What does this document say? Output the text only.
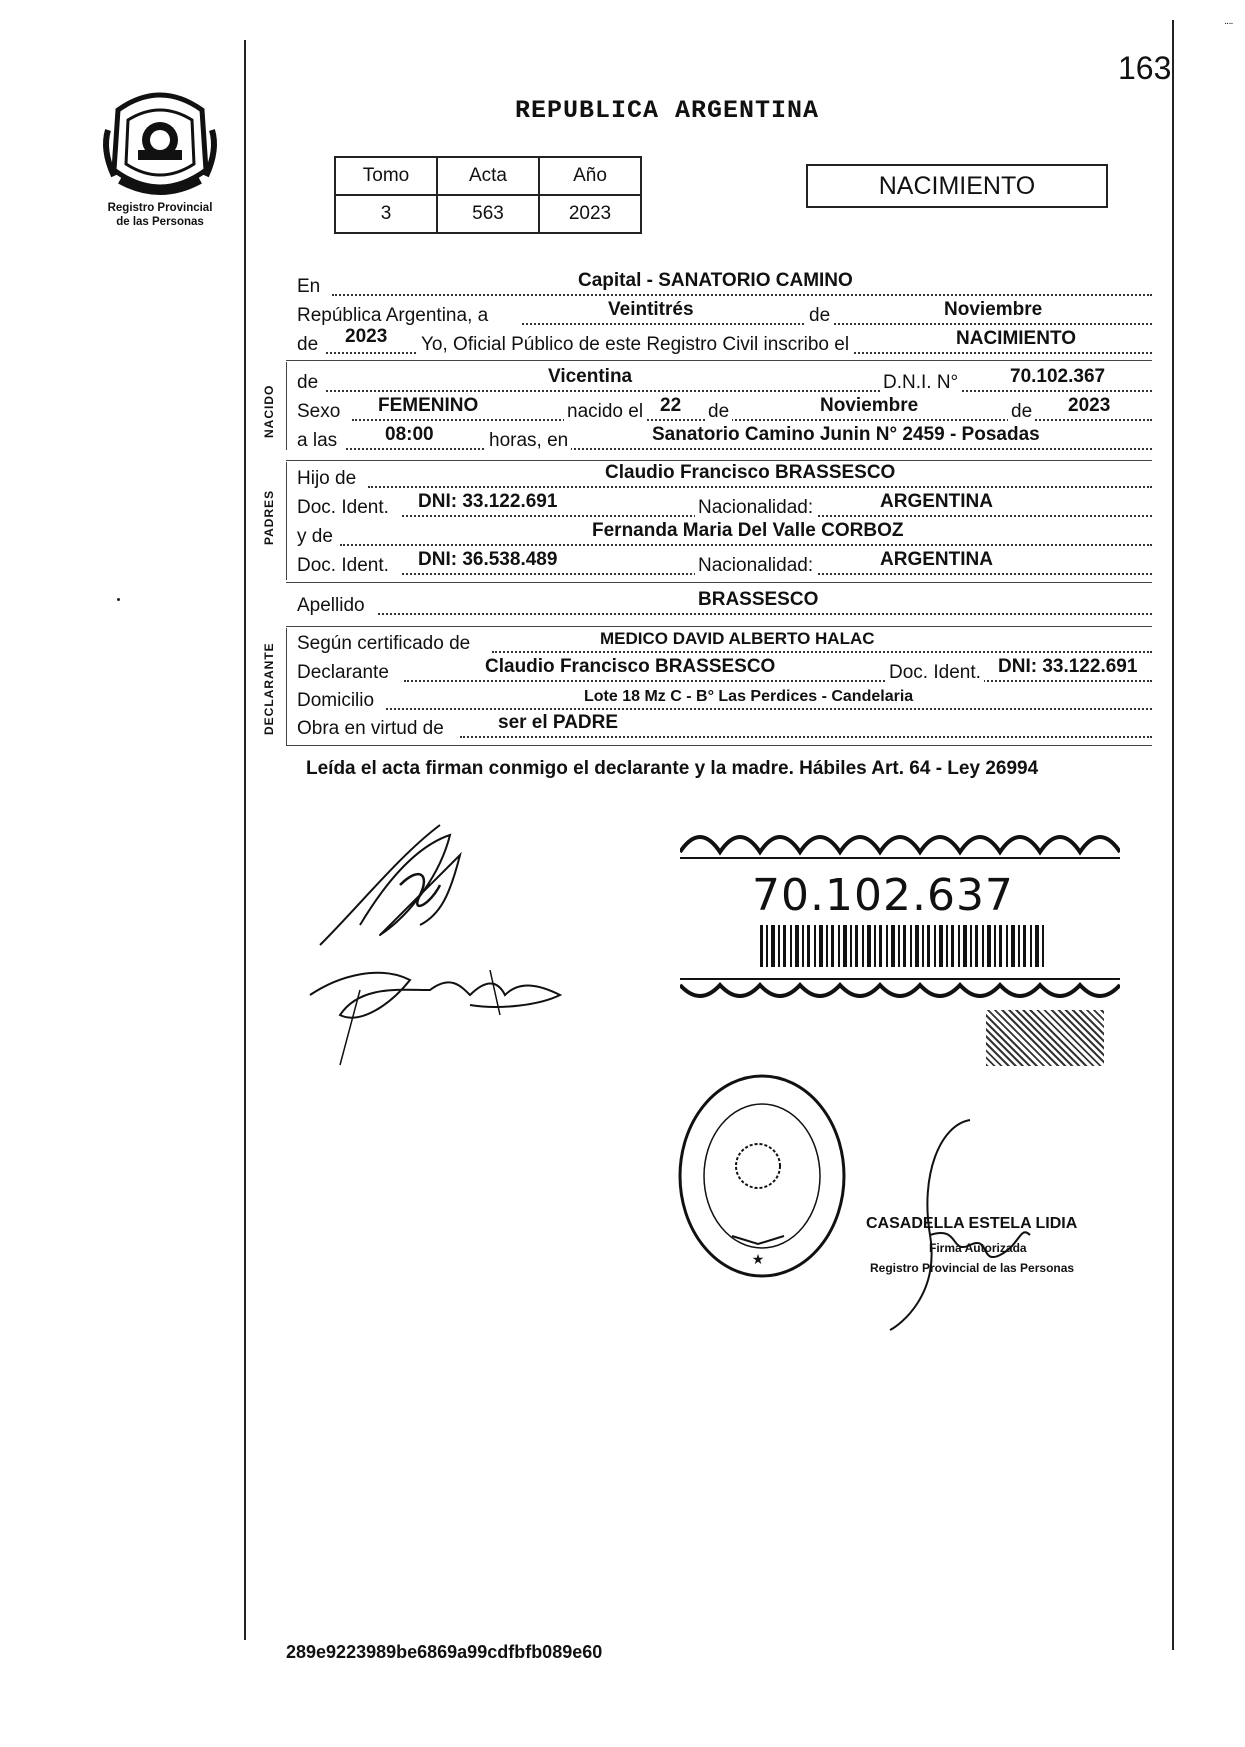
163
⁞
Registro Provincial
de las Personas
REPUBLICA ARGENTINA
Tomo	Acta	Año
3	563	2023
NACIMIENTO
En	Capital - SANATORIO CAMINO
República Argentina, a	Veintitrés	de	Noviembre
de 2023 Yo, Oficial Público de este Registro Civil inscribo el	NACIMIENTO
NACIDO
de	Vicentina	D.N.I. N°	70.102.367
Sexo FEMENINO	nacido el 22 de	Noviembre	de 2023
a las	08:00	horas, en	Sanatorio Camino Junin N° 2459 - Posadas
PADRES
Hijo de	Claudio Francisco BRASSESCO
Doc. Ident. DNI: 33.122.691	Nacionalidad:	ARGENTINA
y de	Fernanda Maria Del Valle CORBOZ
Doc. Ident. DNI: 36.538.489	Nacionalidad:	ARGENTINA
Apellido	BRASSESCO
DECLARANTE Según certificado de	MEDICO DAVID ALBERTO HALAC
Declarante	Claudio Francisco BRASSESCO	Doc. Ident. DNI: 33.122.691
Domicilio	Lote 18 Mz C - B° Las Perdices - Candelaria
Obra en virtud de	ser el PADRE
Leída el acta firman conmigo el declarante y la madre. Hábiles Art. 64 - Ley 26994
70.102.637
★
CASADELLA ESTELA LIDIA
Firma Autorizada
Registro Provincial de las Personas
289e9223989be6869a99cdfbfb089e60
